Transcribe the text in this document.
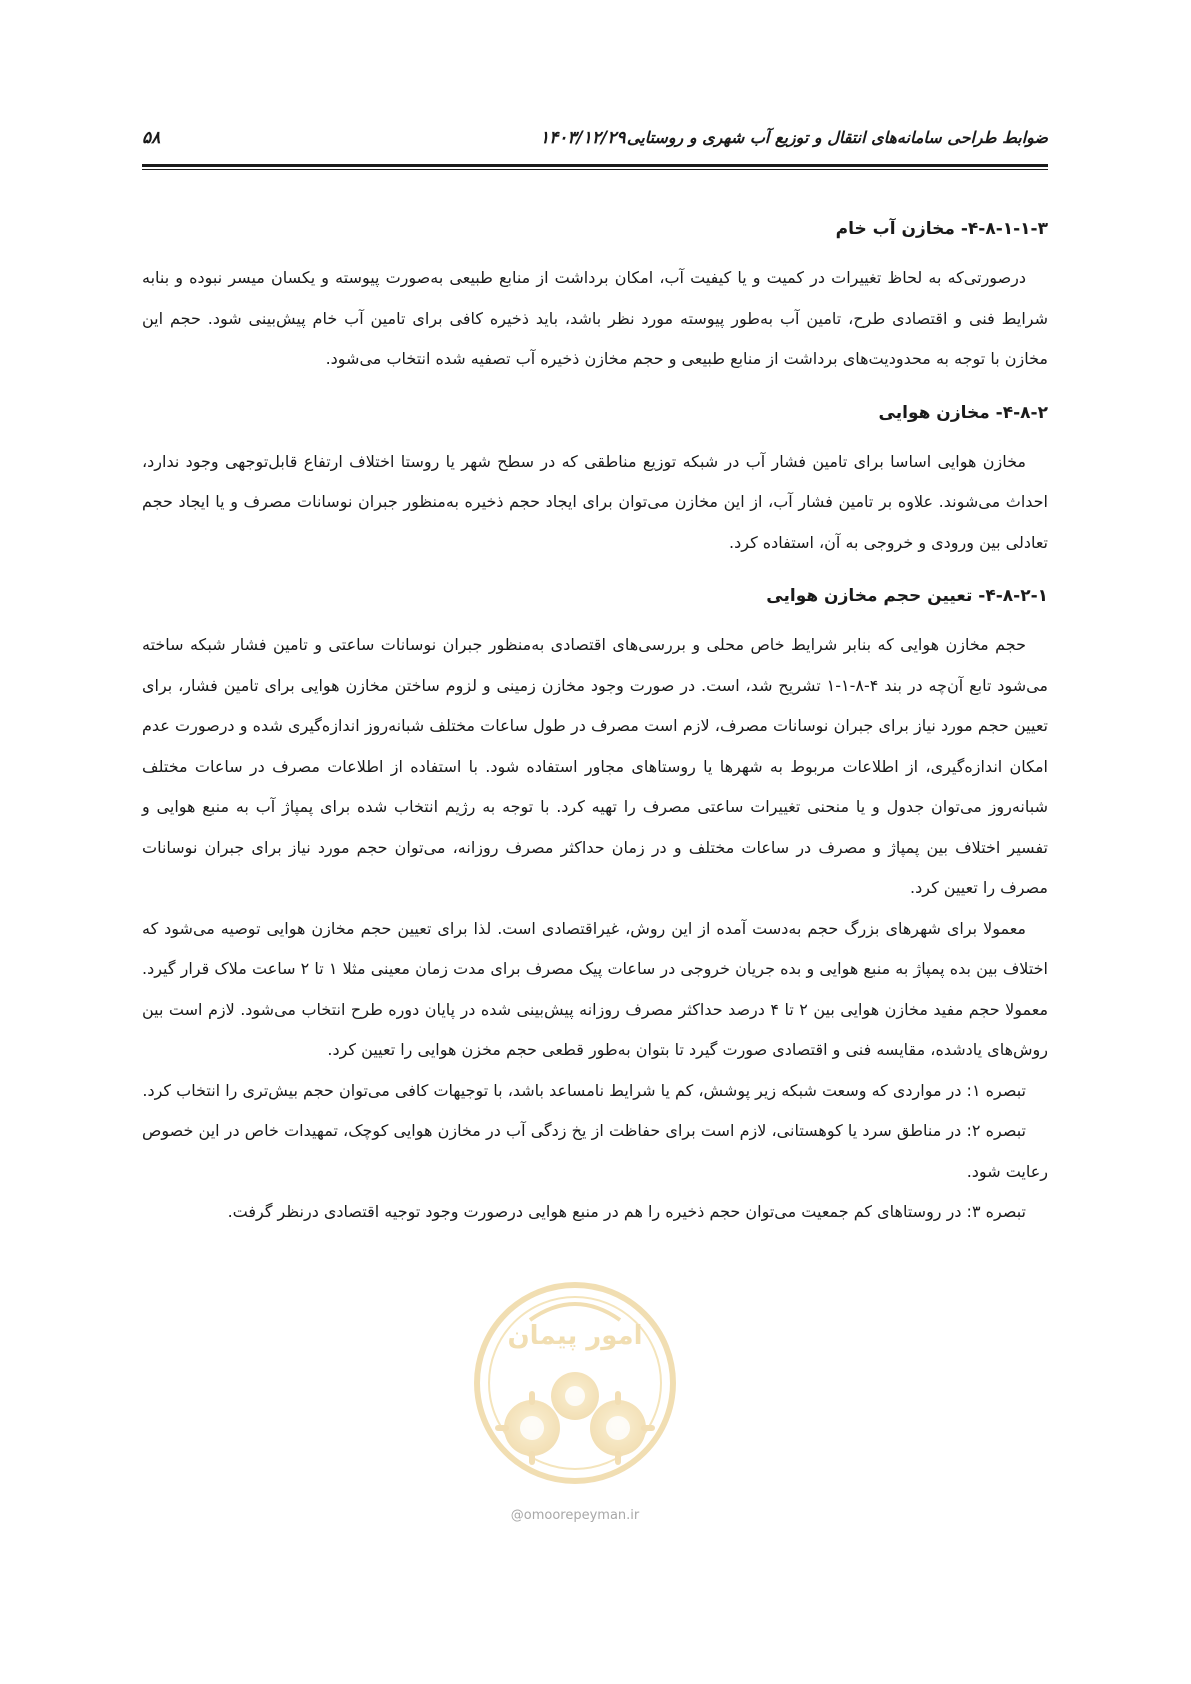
۵۸	۱۴۰۳/۱۲/۲۹ ضوابط طراحی سامانه‌های انتقال و توزیع آب شهری و روستایی
۴-۸-۱-۱-۳- مخازن آب خام

درصورتی‌که به لحاظ تغییرات در کمیت و یا کیفیت آب، امکان برداشت از منابع طبیعی به‌صورت پیوسته و یکسان میسر نبوده و بنابه شرایط فنی و اقتصادی طرح، تامین آب به‌طور پیوسته مورد نظر باشد، باید ذخیره کافی برای تامین آب خام پیش‌بینی شود. حجم این مخازن با توجه به محدودیت‌های برداشت از منابع طبیعی و حجم مخازن ذخیره آب تصفیه شده انتخاب می‌شود.

۴-۸-۲- مخازن هوایی

مخازن هوایی اساسا برای تامین فشار آب در شبکه توزیع مناطقی که در سطح شهر یا روستا اختلاف ارتفاع قابل‌توجهی وجود ندارد، احداث می‌شوند. علاوه بر تامین فشار آب، از این مخازن می‌توان برای ایجاد حجم ذخیره به‌منظور جبران نوسانات مصرف و یا ایجاد حجم تعادلی بین ورودی و خروجی به آن، استفاده کرد.

۴-۸-۲-۱- تعیین حجم مخازن هوایی

حجم مخازن هوایی که بنابر شرایط خاص محلی و بررسی‌های اقتصادی به‌منظور جبران نوسانات ساعتی و تامین فشار شبکه ساخته می‌شود تابع آن‌چه در بند ۴-۸-۱-۱ تشریح شد، است. در صورت وجود مخازن زمینی و لزوم ساختن مخازن هوایی برای تامین فشار، برای تعیین حجم مورد نیاز برای جبران نوسانات مصرف، لازم است مصرف در طول ساعات مختلف شبانه‌روز اندازه‌گیری شده و درصورت عدم امکان اندازه‌گیری، از اطلاعات مربوط به شهرها یا روستاهای مجاور استفاده شود. با استفاده از اطلاعات مصرف در ساعات مختلف شبانه‌روز می‌توان جدول و یا منحنی تغییرات ساعتی مصرف را تهیه کرد. با توجه به رژیم انتخاب شده برای پمپاژ آب به منبع هوایی و تفسیر اختلاف بین پمپاژ و مصرف در ساعات مختلف و در زمان حداکثر مصرف روزانه، می‌توان حجم مورد نیاز برای جبران نوسانات مصرف را تعیین کرد.

معمولا برای شهرهای بزرگ حجم به‌دست آمده از این روش، غیراقتصادی است. لذا برای تعیین حجم مخازن هوایی توصیه می‌شود که اختلاف بین بده پمپاژ به منبع هوایی و بده جریان خروجی در ساعات پیک مصرف برای مدت زمان معینی مثلا ۱ تا ۲ ساعت ملاک قرار گیرد. معمولا حجم مفید مخازن هوایی بین ۲ تا ۴ درصد حداکثر مصرف روزانه پیش‌بینی شده در پایان دوره طرح انتخاب می‌شود. لازم است بین روش‌های یادشده، مقایسه فنی و اقتصادی صورت گیرد تا بتوان به‌طور قطعی حجم مخزن هوایی را تعیین کرد.

تبصره ۱: در مواردی که وسعت شبکه زیر پوشش، کم یا شرایط نامساعد باشد، با توجیهات کافی می‌توان حجم بیش‌تری را انتخاب کرد.

تبصره ۲: در مناطق سرد یا کوهستانی، لازم است برای حفاظت از یخ زدگی آب در مخازن هوایی کوچک، تمهیدات خاص در این خصوص رعایت شود.

تبصره ۳: در روستاهای کم جمعیت می‌توان حجم ذخیره را هم در منبع هوایی درصورت وجود توجیه اقتصادی درنظر گرفت.

امور پیمان
@omoorepeyman.ir
